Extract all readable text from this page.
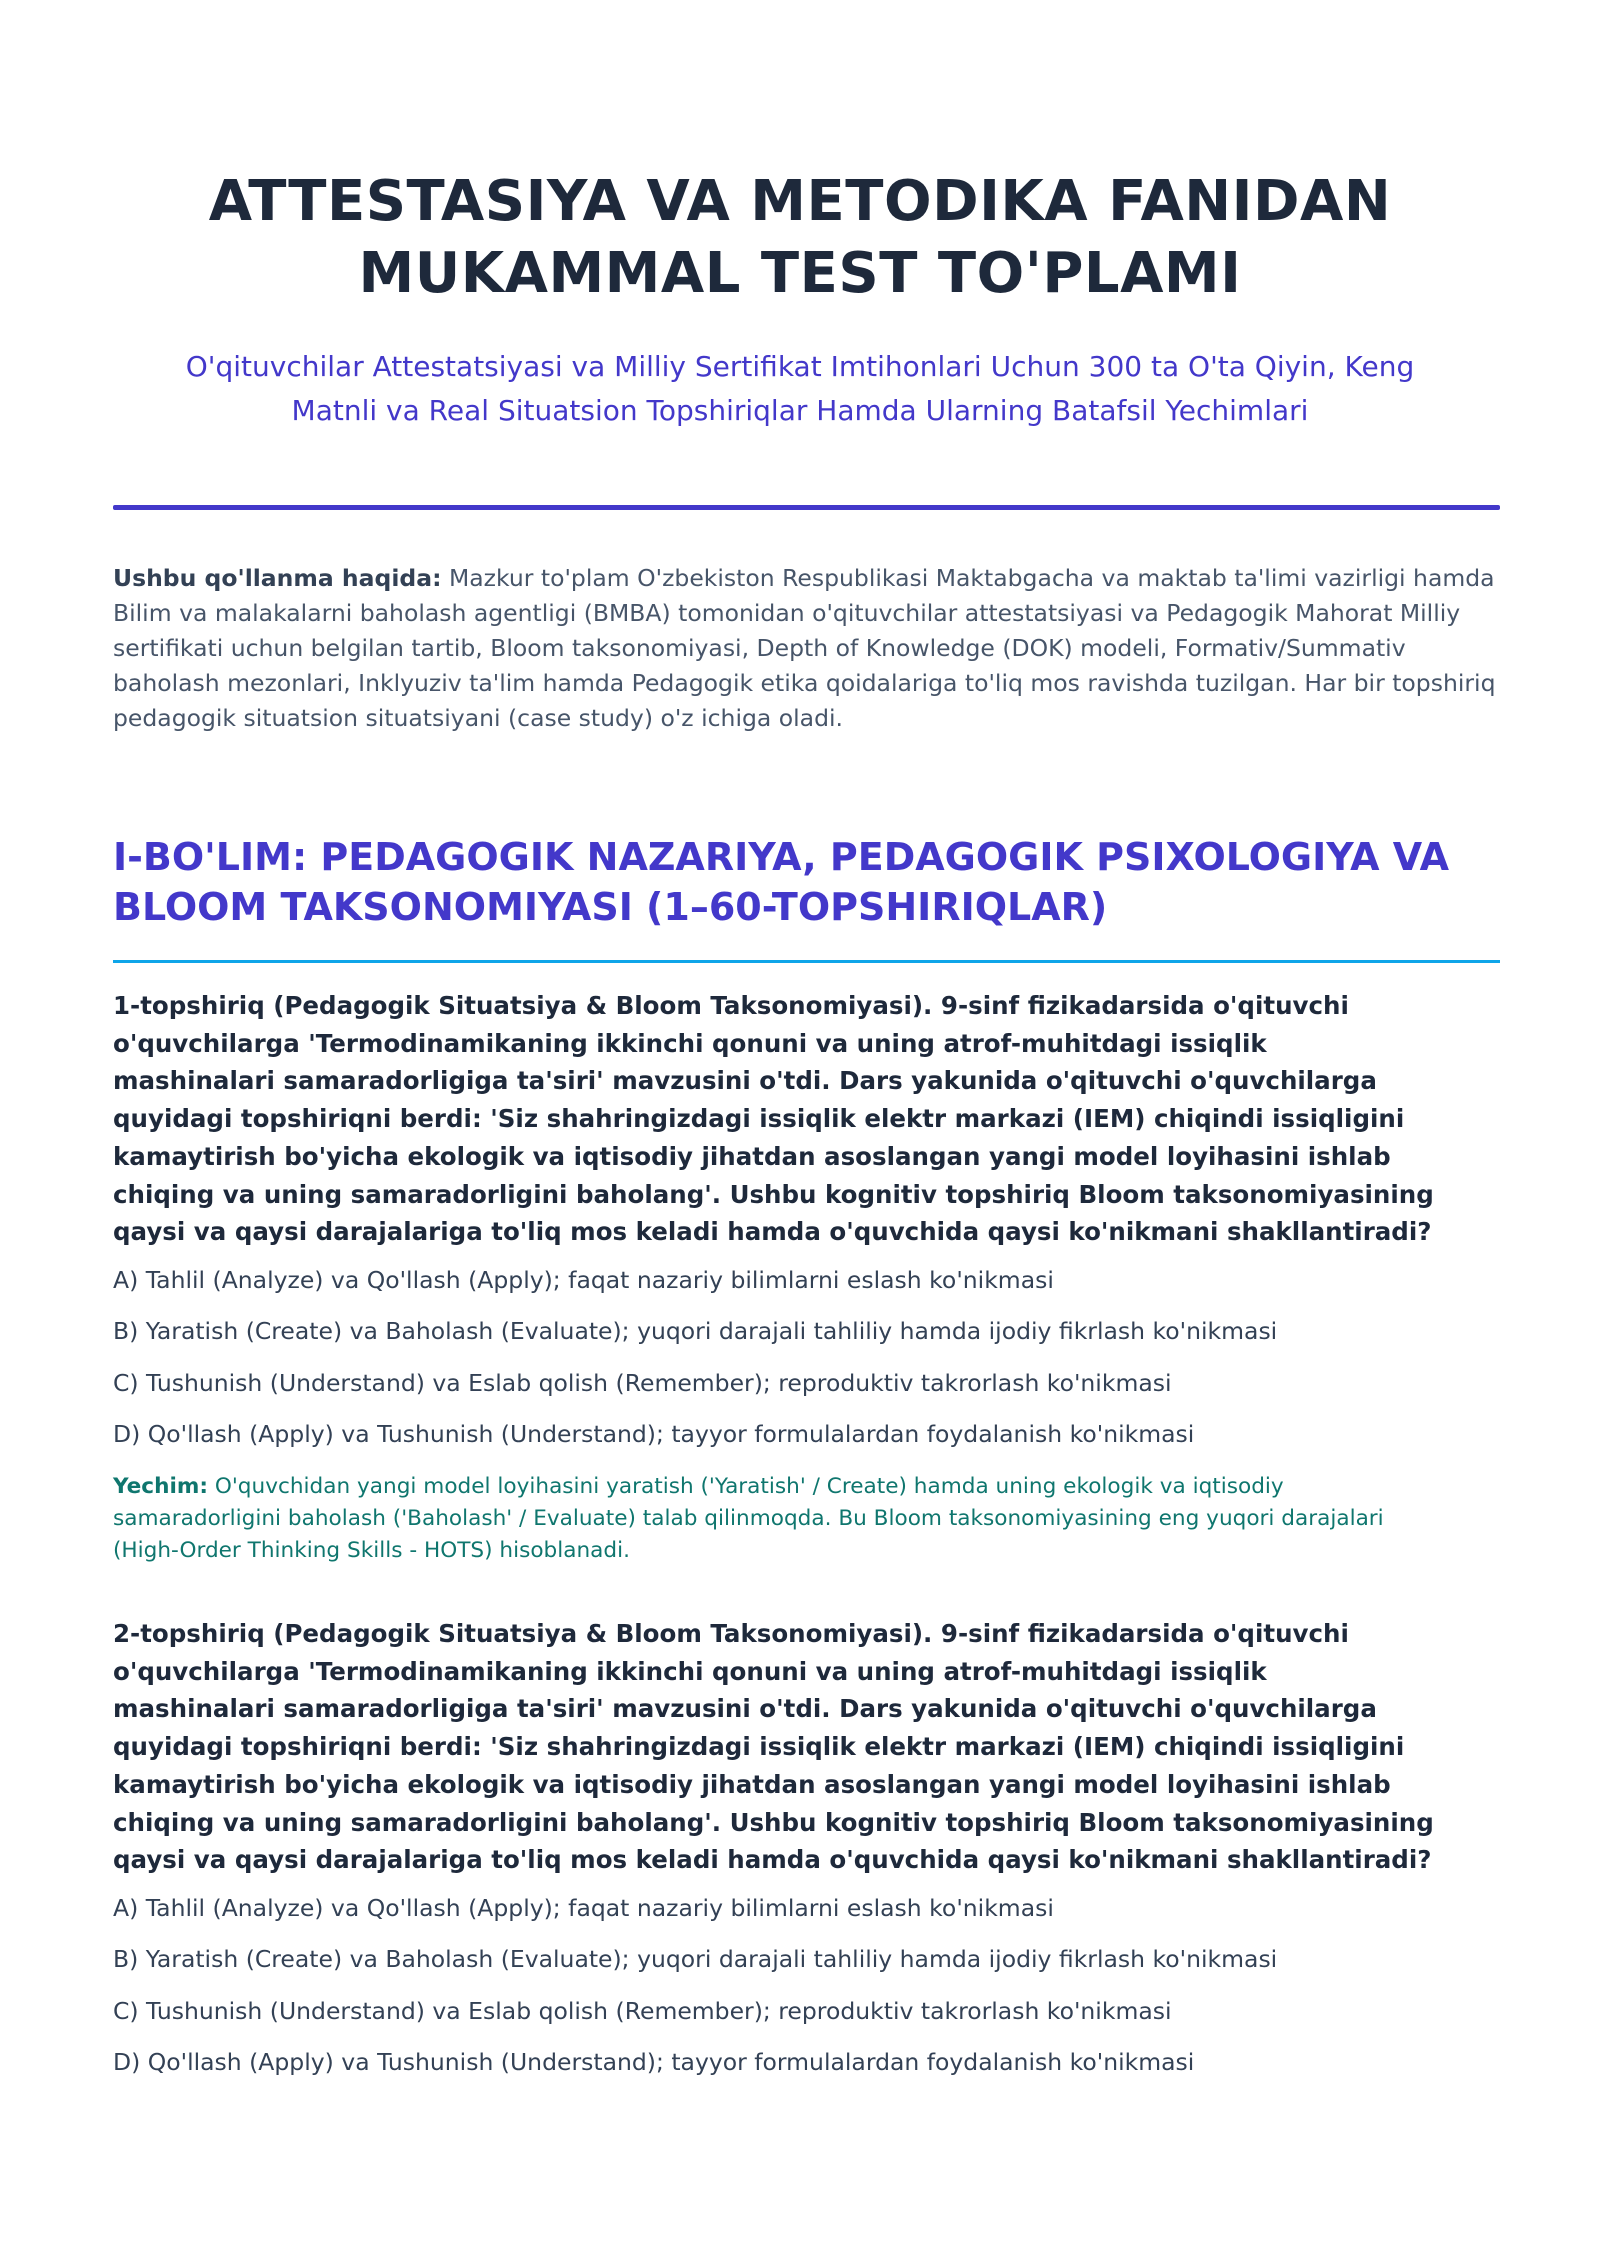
ATTESTASIYA VA METODIKA FANIDAN
MUKAMMAL TEST TO'PLAMI

O'qituvchilar Attestatsiyasi va Milliy Sertifikat Imtihonlari Uchun 300 ta O'ta Qiyin, Keng
Matnli va Real Situatsion Topshiriqlar Hamda Ularning Batafsil Yechimlari

Ushbu qo'llanma haqida: Mazkur to'plam O'zbekiston Respublikasi Maktabgacha va maktab ta'limi vazirligi hamda Bilim va malakalarni baholash agentligi (BMBA) tomonidan o'qituvchilar attestatsiyasi va Pedagogik Mahorat Milliy sertifikati uchun belgilan tartib, Bloom taksonomiyasi, Depth of Knowledge (DOK) modeli, Formativ/Summativ baholash mezonlari, Inklyuziv ta'lim hamda Pedagogik etika qoidalariga to'liq mos ravishda tuzilgan. Har bir topshiriq pedagogik situatsion situatsiyani (case study) o'z ichiga oladi.

I-BO'LIM: PEDAGOGIK NAZARIYA, PEDAGOGIK PSIXOLOGIYA VA
BLOOM TAKSONOMIYASI (1–60-TOPSHIRIQLAR)

1-topshiriq (Pedagogik Situatsiya & Bloom Taksonomiyasi). 9-sinf fizikadarsida o'qituvchi
o'quvchilarga 'Termodinamikaning ikkinchi qonuni va uning atrof-muhitdagi issiqlik
mashinalari samaradorligiga ta'siri' mavzusini o'tdi. Dars yakunida o'qituvchi o'quvchilarga
quyidagi topshiriqni berdi: 'Siz shahringizdagi issiqlik elektr markazi (IEM) chiqindi issiqligini
kamaytirish bo'yicha ekologik va iqtisodiy jihatdan asoslangan yangi model loyihasini ishlab
chiqing va uning samaradorligini baholang'. Ushbu kognitiv topshiriq Bloom taksonomiyasining
qaysi va qaysi darajalariga to'liq mos keladi hamda o'quvchida qaysi ko'nikmani shakllantiradi?

A) Tahlil (Analyze) va Qo'llash (Apply); faqat nazariy bilimlarni eslash ko'nikmasi
B) Yaratish (Create) va Baholash (Evaluate); yuqori darajali tahliliy hamda ijodiy fikrlash ko'nikmasi
C) Tushunish (Understand) va Eslab qolish (Remember); reproduktiv takrorlash ko'nikmasi
D) Qo'llash (Apply) va Tushunish (Understand); tayyor formulalardan foydalanish ko'nikmasi

Yechim: O'quvchidan yangi model loyihasini yaratish ('Yaratish' / Create) hamda uning ekologik va iqtisodiy
samaradorligini baholash ('Baholash' / Evaluate) talab qilinmoqda. Bu Bloom taksonomiyasining eng yuqori darajalari
(High-Order Thinking Skills - HOTS) hisoblanadi.

2-topshiriq (Pedagogik Situatsiya & Bloom Taksonomiyasi). 9-sinf fizikadarsida o'qituvchi
o'quvchilarga 'Termodinamikaning ikkinchi qonuni va uning atrof-muhitdagi issiqlik
mashinalari samaradorligiga ta'siri' mavzusini o'tdi. Dars yakunida o'qituvchi o'quvchilarga
quyidagi topshiriqni berdi: 'Siz shahringizdagi issiqlik elektr markazi (IEM) chiqindi issiqligini
kamaytirish bo'yicha ekologik va iqtisodiy jihatdan asoslangan yangi model loyihasini ishlab
chiqing va uning samaradorligini baholang'. Ushbu kognitiv topshiriq Bloom taksonomiyasining
qaysi va qaysi darajalariga to'liq mos keladi hamda o'quvchida qaysi ko'nikmani shakllantiradi?

A) Tahlil (Analyze) va Qo'llash (Apply); faqat nazariy bilimlarni eslash ko'nikmasi
B) Yaratish (Create) va Baholash (Evaluate); yuqori darajali tahliliy hamda ijodiy fikrlash ko'nikmasi
C) Tushunish (Understand) va Eslab qolish (Remember); reproduktiv takrorlash ko'nikmasi
D) Qo'llash (Apply) va Tushunish (Understand); tayyor formulalardan foydalanish ko'nikmasi
